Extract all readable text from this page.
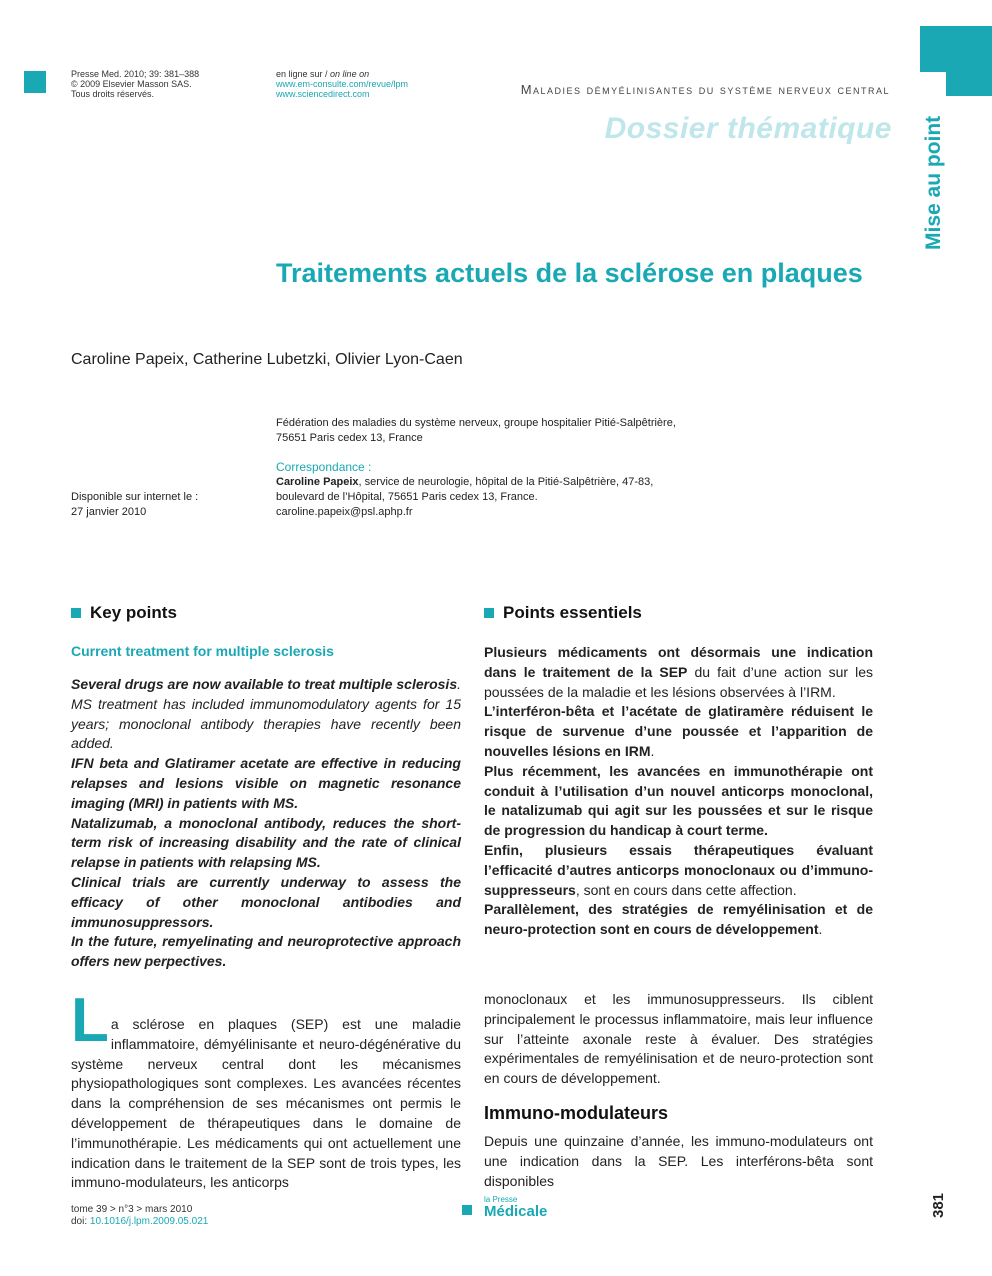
Presse Med. 2010; 39: 381–388
© 2009 Elsevier Masson SAS.
Tous droits réservés.
en ligne sur / on line on
www.em-consulte.com/revue/lpm
www.sciencedirect.com	Maladies démyélinisantes du système nerveux central
Dossier thématique Mise au point
Traitements actuels de la sclérose en plaques
Caroline Papeix, Catherine Lubetzki, Olivier Lyon-Caen
Fédération des maladies du système nerveux, groupe hospitalier Pitié-Salpêtrière,
75651 Paris cedex 13, France
Correspondance :
Caroline Papeix, service de neurologie, hôpital de la Pitié-Salpêtrière, 47-83,
boulevard de l’Hôpital, 75651 Paris cedex 13, France.
caroline.papeix@psl.aphp.fr
Disponible sur internet le :
27 janvier 2010
Key points
Current treatment for multiple sclerosis

Several drugs are now available to treat multiple sclerosis. MS treatment has included immunomodulatory agents for 15 years; monoclonal antibody therapies have recently been added.

IFN beta and Glatiramer acetate are effective in reducing relapses and lesions visible on magnetic resonance imaging (MRI) in patients with MS.

Natalizumab, a monoclonal antibody, reduces the short-term risk of increasing disability and the rate of clinical relapse in patients with relapsing MS.

Clinical trials are currently underway to assess the efficacy of other monoclonal antibodies and immunosuppressors.

In the future, remyelinating and neuroprotective approach offers new perpectives.

Points essentiels

Plusieurs médicaments ont désormais une indication dans le traitement de la SEP du fait d’une action sur les poussées de la maladie et les lésions observées à l’IRM.

L’interféron-bêta et l’acétate de glatiramère réduisent le risque de survenue d’une poussée et l’apparition de nouvelles lésions en IRM.

Plus récemment, les avancées en immunothérapie ont conduit à l’utilisation d’un nouvel anticorps monoclonal, le natalizumab qui agit sur les poussées et sur le risque de progression du handicap à court terme.

Enfin, plusieurs essais thérapeutiques évaluant l’efficacité d’autres anticorps monoclonaux ou d’immuno-suppresseurs, sont en cours dans cette affection.

Parallèlement, des stratégies de remyélinisation et de neuro-protection sont en cours de développement.

L a sclérose en plaques (SEP) est une maladie inflammatoire, démyélinisante et neuro-dégénérative du système nerveux central dont les mécanismes physiopathologiques sont complexes. Les avancées récentes dans la compréhension de ses mécanismes ont permis le développement de thérapeutiques dans le domaine de l’immunothérapie. Les médicaments qui ont actuellement une indication dans le traitement de la SEP sont de trois types, les immuno-modulateurs, les anticorps

monoclonaux et les immunosuppresseurs. Ils ciblent principalement le processus inflammatoire, mais leur influence sur l’atteinte axonale reste à évaluer. Des stratégies expérimentales de remyélinisation et de neuro-protection sont en cours de développement.

Immuno-modulateurs

Depuis une quinzaine d’année, les immuno-modulateurs ont une indication dans la SEP. Les interférons-bêta sont disponibles

tome 39 > n°3 > mars 2010
doi: 10.1016/j.lpm.2009.05.021
la Presse
Médicale	381
